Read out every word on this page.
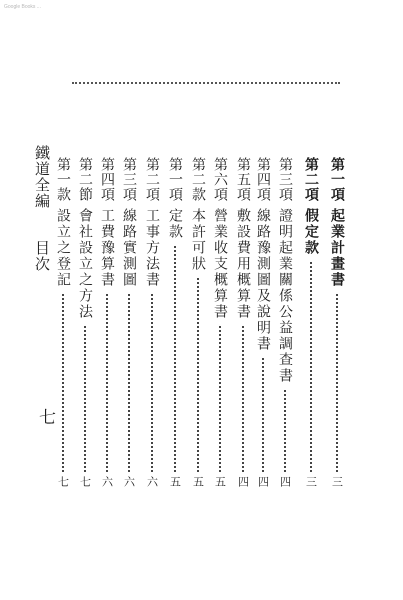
Google Books ...
第一項
起業計畫書
三
第二項
假定款
三
第三項
證明起業關係公益調查書
四
第四項
線路豫測圖及說明書
四
第五項
敷設費用概算書
四
第六項
營業收支概算書
五
第二款
本許可狀
五
第一項
定款
五
第二項
工事方法書
六
第三項
線路實測圖
六
第四項
工費豫算書
六
第二節
會社設立之方法
七
第一款
設立之登記
七
鐵道全編
目次
七
